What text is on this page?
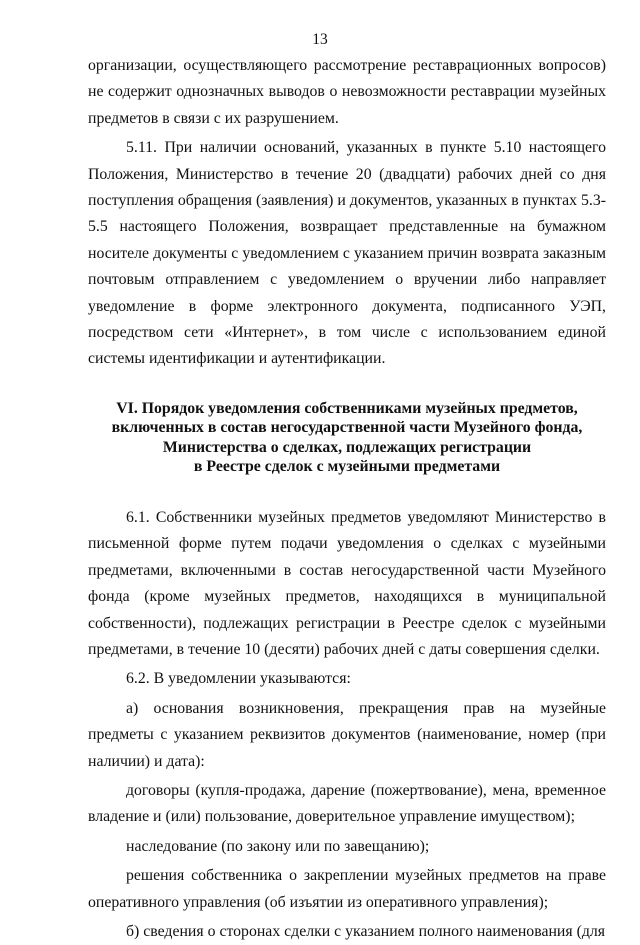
13

организации, осуществляющего рассмотрение реставрационных вопросов) не содержит однозначных выводов о невозможности реставрации музейных предметов в связи с их разрушением.

5.11. При наличии оснований, указанных в пункте 5.10 настоящего Положения, Министерство в течение 20 (двадцати) рабочих дней со дня поступления обращения (заявления) и документов, указанных в пунктах 5.3-5.5 настоящего Положения, возвращает представленные на бумажном носителе документы с уведомлением с указанием причин возврата заказным почтовым отправлением с уведомлением о вручении либо направляет уведомление в форме электронного документа, подписанного УЭП, посредством сети «Интернет», в том числе с использованием единой системы идентификации и аутентификации.

VI. Порядок уведомления собственниками музейных предметов,
включенных в состав негосударственной части Музейного фонда,
Министерства о сделках, подлежащих регистрации
в Реестре сделок с музейными предметами

6.1. Собственники музейных предметов уведомляют Министерство в письменной форме путем подачи уведомления о сделках с музейными предметами, включенными в состав негосударственной части Музейного фонда (кроме музейных предметов, находящихся в муниципальной собственности), подлежащих регистрации в Реестре сделок с музейными предметами, в течение 10 (десяти) рабочих дней с даты совершения сделки.

6.2. В уведомлении указываются:

а) основания возникновения, прекращения прав на музейные предметы с указанием реквизитов документов (наименование, номер (при наличии) и дата):

договоры (купля-продажа, дарение (пожертвование), мена, временное владение и (или) пользование, доверительное управление имуществом);

наследование (по закону или по завещанию);

решения собственника о закреплении музейных предметов на праве оперативного управления (об изъятии из оперативного управления);

б) сведения о сторонах сделки с указанием полного наименования (для
